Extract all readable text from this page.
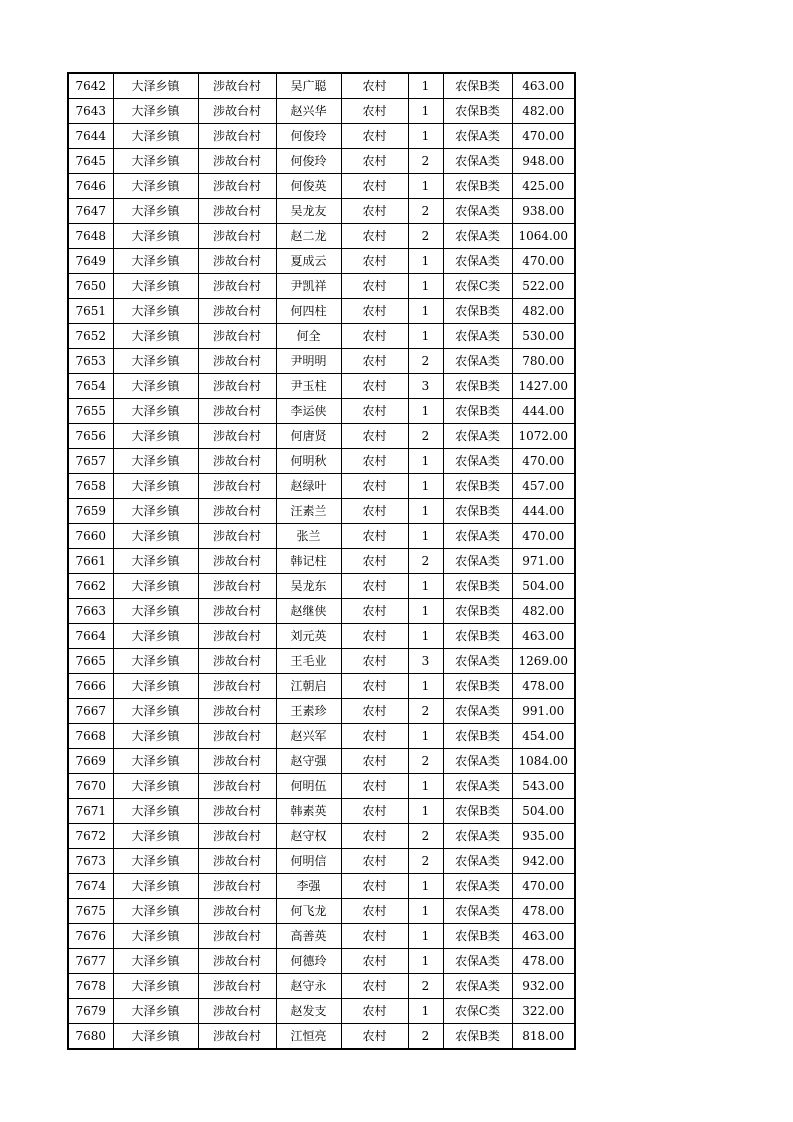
7642	大泽乡镇	涉故台村	吴广聪	农村	1	农保B类	463.00
7643	大泽乡镇	涉故台村	赵兴华	农村	1	农保B类	482.00
7644	大泽乡镇	涉故台村	何俊玲	农村	1	农保A类	470.00
7645	大泽乡镇	涉故台村	何俊玲	农村	2	农保A类	948.00
7646	大泽乡镇	涉故台村	何俊英	农村	1	农保B类	425.00
7647	大泽乡镇	涉故台村	吴龙友	农村	2	农保A类	938.00
7648	大泽乡镇	涉故台村	赵二龙	农村	2	农保A类	1064.00
7649	大泽乡镇	涉故台村	夏成云	农村	1	农保A类	470.00
7650	大泽乡镇	涉故台村	尹凯祥	农村	1	农保C类	522.00
7651	大泽乡镇	涉故台村	何四柱	农村	1	农保B类	482.00
7652	大泽乡镇	涉故台村	何全	农村	1	农保A类	530.00
7653	大泽乡镇	涉故台村	尹明明	农村	2	农保A类	780.00
7654	大泽乡镇	涉故台村	尹玉柱	农村	3	农保B类	1427.00
7655	大泽乡镇	涉故台村	李运侠	农村	1	农保B类	444.00
7656	大泽乡镇	涉故台村	何唐贤	农村	2	农保A类	1072.00
7657	大泽乡镇	涉故台村	何明秋	农村	1	农保A类	470.00
7658	大泽乡镇	涉故台村	赵绿叶	农村	1	农保B类	457.00
7659	大泽乡镇	涉故台村	汪素兰	农村	1	农保B类	444.00
7660	大泽乡镇	涉故台村	张兰	农村	1	农保A类	470.00
7661	大泽乡镇	涉故台村	韩记柱	农村	2	农保A类	971.00
7662	大泽乡镇	涉故台村	吴龙东	农村	1	农保B类	504.00
7663	大泽乡镇	涉故台村	赵继侠	农村	1	农保B类	482.00
7664	大泽乡镇	涉故台村	刘元英	农村	1	农保B类	463.00
7665	大泽乡镇	涉故台村	王毛业	农村	3	农保A类	1269.00
7666	大泽乡镇	涉故台村	江朝启	农村	1	农保B类	478.00
7667	大泽乡镇	涉故台村	王素珍	农村	2	农保A类	991.00
7668	大泽乡镇	涉故台村	赵兴军	农村	1	农保B类	454.00
7669	大泽乡镇	涉故台村	赵守强	农村	2	农保A类	1084.00
7670	大泽乡镇	涉故台村	何明伍	农村	1	农保A类	543.00
7671	大泽乡镇	涉故台村	韩素英	农村	1	农保B类	504.00
7672	大泽乡镇	涉故台村	赵守权	农村	2	农保A类	935.00
7673	大泽乡镇	涉故台村	何明信	农村	2	农保A类	942.00
7674	大泽乡镇	涉故台村	李强	农村	1	农保A类	470.00
7675	大泽乡镇	涉故台村	何飞龙	农村	1	农保A类	478.00
7676	大泽乡镇	涉故台村	高善英	农村	1	农保B类	463.00
7677	大泽乡镇	涉故台村	何德玲	农村	1	农保A类	478.00
7678	大泽乡镇	涉故台村	赵守永	农村	2	农保A类	932.00
7679	大泽乡镇	涉故台村	赵发支	农村	1	农保C类	322.00
7680	大泽乡镇	涉故台村	江恒亮	农村	2	农保B类	818.00
